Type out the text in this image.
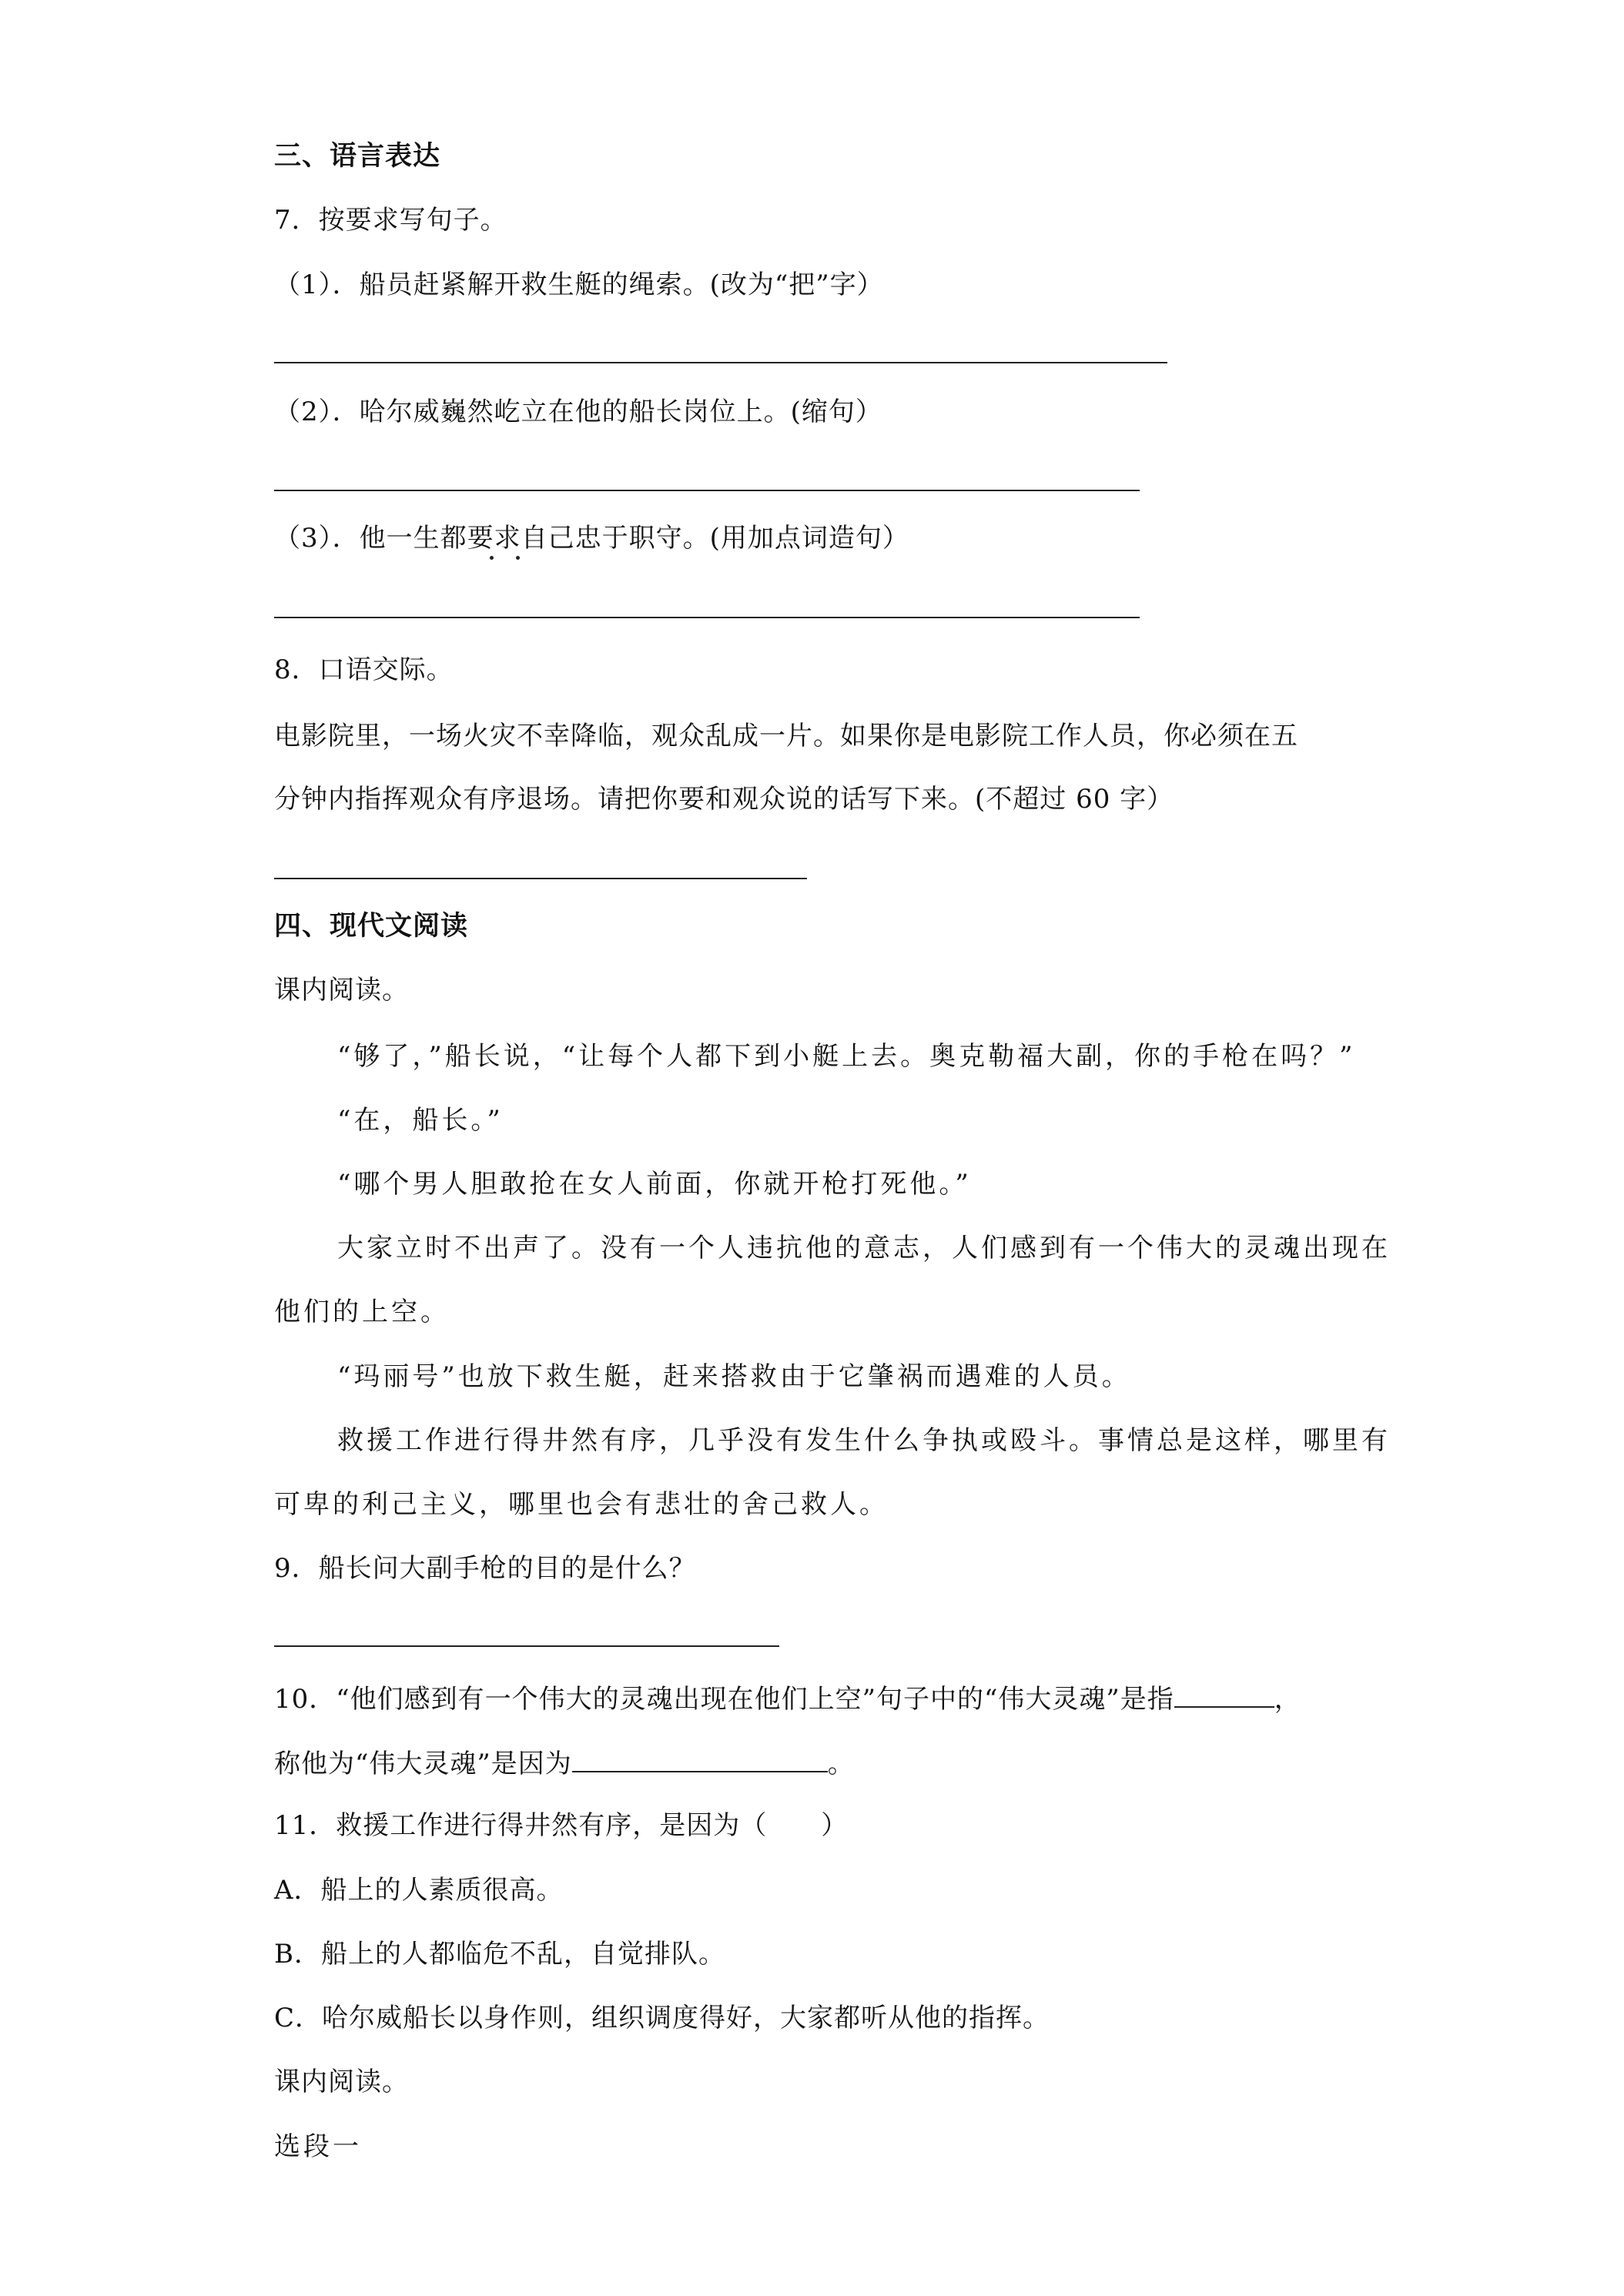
三、语言表达
7．按要求写句子。
（1）．船员赶紧解开救生艇的绳索。(改为“把”字）
（2）．哈尔威巍然屹立在他的船长岗位上。(缩句）
（3）．他一生都要求自己忠于职守。(用加点词造句）
8．口语交际。
电影院里，一场火灾不幸降临，观众乱成一片。如果你是电影院工作人员，你必须在五
分钟内指挥观众有序退场。请把你要和观众说的话写下来。(不超过 60 字）
四、现代文阅读
课内阅读。
“够了，”船长说，“让每个人都下到小艇上去。奥克勒福大副，你的手枪在吗？”
“在，船长。”
“哪个男人胆敢抢在女人前面，你就开枪打死他。”
大家立时不出声了。没有一个人违抗他的意志，人们感到有一个伟大的灵魂出现在
他们的上空。
“玛丽号”也放下救生艇，赶来搭救由于它肇祸而遇难的人员。
救援工作进行得井然有序，几乎没有发生什么争执或殴斗。事情总是这样，哪里有
可卑的利己主义，哪里也会有悲壮的舍己救人。
9．船长问大副手枪的目的是什么？
10．“他们感到有一个伟大的灵魂出现在他们上空”句子中的“伟大灵魂”是指	，
称他为“伟大灵魂”是因为	。
11．救援工作进行得井然有序，是因为（　　）
A．船上的人素质很高。
B．船上的人都临危不乱，自觉排队。
C．哈尔威船长以身作则，组织调度得好，大家都听从他的指挥。
课内阅读。
选段一
